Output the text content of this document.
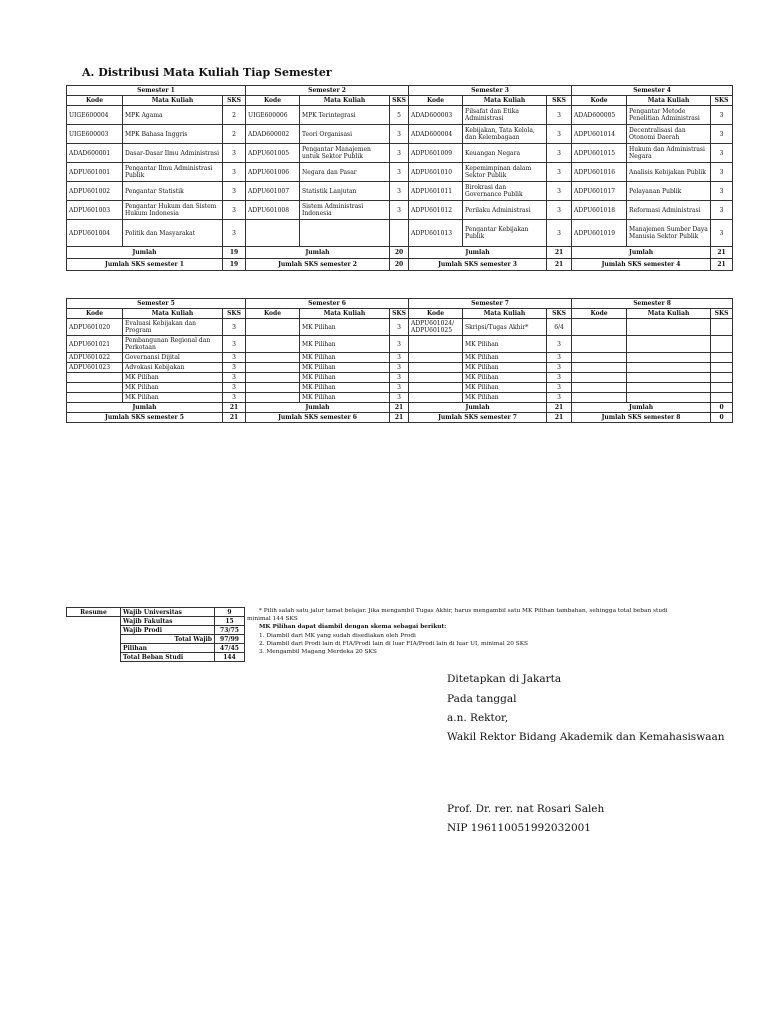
A. Distribusi Mata Kuliah Tiap Semester
Semester 1			Semester 2			Semester 3			Semester 4		
Kode	Mata Kuliah	SKS	Kode	Mata Kuliah	SKS	Kode	Mata Kuliah	SKS	Kode	Mata Kuliah	SKS
UIGE600004	MPK Agama	2	UIGE600006	MPK Terintegrasi	5	ADAD600003	Filsafat dan Etika Administrasi	3	ADAD600005	Pengantar Metode Penelitian Administrasi	3
UIGE600003	MPK Bahasa Inggris	2	ADAD600002	Teori Organisasi	3	ADAD600004	Kebijakan, Tata Kelola, dan Kelembagaan	3	ADPU601014	Decentralisasi dan Otonomi Daerah	3
ADAD600001	Dasar-Dasar Ilmu Administrasi	3	ADPU601005	Pengantar Manajemen untuk Sektor Publik	3	ADPU601009	Keuangan Negara	3	ADPU601015	Hukum dan Administrasi Negara	3
ADPU601001	Pengantar Ilmu Administrasi Publik	3	ADPU601006	Negara dan Pasar	3	ADPU601010	Kepemimpinan dalam Sektor Publik	3	ADPU601016	Analisis Kebijakan Publik	3
ADPU601002	Pengantar Statistik	3	ADPU601007	Statistik Lanjutan	3	ADPU601011	Birokrasi dan Governance Publik	3	ADPU601017	Pelayanan Publik	3
ADPU601003	Pengantar Hukum dan Sistem Hukum Indonesia	3	ADPU601008	Sistem Administrasi Indonesia	3	ADPU601012	Perilaku Administrasi	3	ADPU601018	Reformasi Administrasi	3
ADPU601004	Politik dan Masyarakat	3				ADPU601013	Pengantar Kebijakan Publik	3	ADPU601019	Manajemen Sumber Daya Manusia Sektor Publik	3
Jumlah		19	Jumlah		20	Jumlah		21	Jumlah		21
Jumlah SKS semester 1		19	Jumlah SKS semester 2		20	Jumlah SKS semester 3		21	Jumlah SKS semester 4		21
Semester 5			Semester 6			Semester 7			Semester 8		
Kode	Mata Kuliah	SKS	Kode	Mata Kuliah	SKS	Kode	Mata Kuliah	SKS	Kode	Mata Kuliah	SKS
ADPU601020	Evaluasi Kebijakan dan Program	3		MK Pilihan	3	ADPU601024/ ADPU601025	Skripsi/Tugas Akhir*	6/4			
ADPU601021	Pembangunan Regional dan Perkotaan	3		MK Pilihan	3		MK Pilihan	3			
ADPU601022	Governansi Dijital	3		MK Pilihan	3		MK Pilihan	3			
ADPU601023	Advokasi Kebijakan	3		MK Pilihan	3		MK Pilihan	3			
	MK Pilihan	3		MK Pilihan	3		MK Pilihan	3			
	MK Pilihan	3		MK Pilihan	3		MK Pilihan	3			
	MK Pilihan	3		MK Pilihan	3		MK Pilihan	3			
Jumlah		21	Jumlah		21	Jumlah		21	Jumlah		0
Jumlah SKS semester 5		21	Jumlah SKS semester 6		21	Jumlah SKS semester 7		21	Jumlah SKS semester 8		0
Resume	Wajib Universitas	9
	Wajib Fakultas	15
	Wajib Prodi	73/75
	Total Wajib	97/99
	Pilihan	47/45
	Total Beban Studi	144
* Pilih salah satu jalur tamat belajar. Jika mengambil Tugas Akhir, harus mengambil satu MK Pilihan tambahan, sehingga total beban studi
minimal 144 SKS
MK Pilihan dapat diambil dengan skema sebagai berikut:
1. Diambil dari MK yang sudah disediakan oleh Prodi
2. Diambil dari Prodi lain di FIA/Prodi lain di luar FIA/Prodi lain di luar UI, minimal 20 SKS
3. Mengambil Magang Merdeka 20 SKS
Ditetapkan di Jakarta
Pada tanggal
a.n. Rektor,
Wakil Rektor Bidang Akademik dan Kemahasiswaan
Prof. Dr. rer. nat Rosari Saleh
NIP 196110051992032001
